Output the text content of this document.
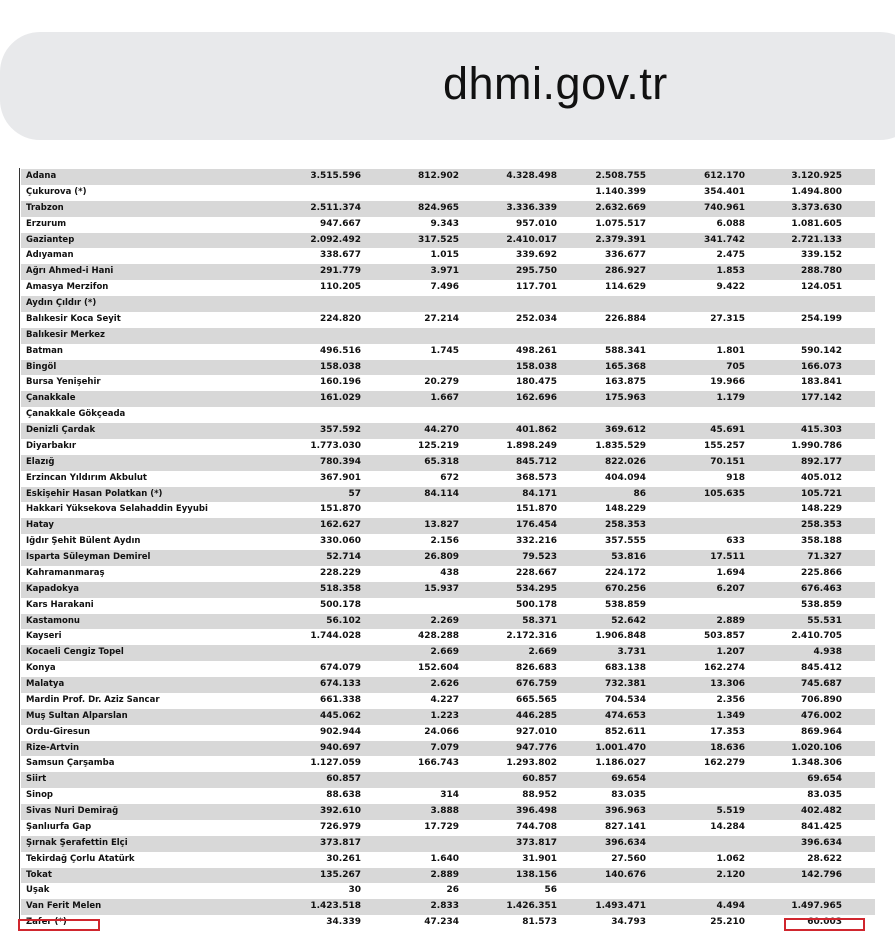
dhmi.gov.tr
Adana	3.515.596	812.902	4.328.498	2.508.755	612.170	3.120.925	
Çukurova (*)				1.140.399	354.401	1.494.800	
Trabzon	2.511.374	824.965	3.336.339	2.632.669	740.961	3.373.630	
Erzurum	947.667	9.343	957.010	1.075.517	6.088	1.081.605	
Gaziantep	2.092.492	317.525	2.410.017	2.379.391	341.742	2.721.133	
Adıyaman	338.677	1.015	339.692	336.677	2.475	339.152	
Ağrı Ahmed-i Hani	291.779	3.971	295.750	286.927	1.853	288.780	
Amasya Merzifon	110.205	7.496	117.701	114.629	9.422	124.051	
Aydın Çıldır (*)							
Balıkesir Koca Seyit	224.820	27.214	252.034	226.884	27.315	254.199	
Balıkesir Merkez							
Batman	496.516	1.745	498.261	588.341	1.801	590.142	
Bingöl	158.038		158.038	165.368	705	166.073	
Bursa Yenişehir	160.196	20.279	180.475	163.875	19.966	183.841	
Çanakkale	161.029	1.667	162.696	175.963	1.179	177.142	
Çanakkale Gökçeada							
Denizli Çardak	357.592	44.270	401.862	369.612	45.691	415.303	
Diyarbakır	1.773.030	125.219	1.898.249	1.835.529	155.257	1.990.786	
Elazığ	780.394	65.318	845.712	822.026	70.151	892.177	
Erzincan Yıldırım Akbulut	367.901	672	368.573	404.094	918	405.012	
Eskişehir Hasan Polatkan (*)	57	84.114	84.171	86	105.635	105.721	
Hakkari Yüksekova Selahaddin Eyyubi	151.870		151.870	148.229		148.229	
Hatay	162.627	13.827	176.454	258.353		258.353	
Iğdır Şehit Bülent Aydın	330.060	2.156	332.216	357.555	633	358.188	
Isparta Süleyman Demirel	52.714	26.809	79.523	53.816	17.511	71.327	
Kahramanmaraş	228.229	438	228.667	224.172	1.694	225.866	
Kapadokya	518.358	15.937	534.295	670.256	6.207	676.463	
Kars Harakani	500.178		500.178	538.859		538.859	
Kastamonu	56.102	2.269	58.371	52.642	2.889	55.531	
Kayseri	1.744.028	428.288	2.172.316	1.906.848	503.857	2.410.705	
Kocaeli Cengiz Topel		2.669	2.669	3.731	1.207	4.938	
Konya	674.079	152.604	826.683	683.138	162.274	845.412	
Malatya	674.133	2.626	676.759	732.381	13.306	745.687	
Mardin Prof. Dr. Aziz Sancar	661.338	4.227	665.565	704.534	2.356	706.890	
Muş Sultan Alparslan	445.062	1.223	446.285	474.653	1.349	476.002	
Ordu-Giresun	902.944	24.066	927.010	852.611	17.353	869.964	
Rize-Artvin	940.697	7.079	947.776	1.001.470	18.636	1.020.106	
Samsun Çarşamba	1.127.059	166.743	1.293.802	1.186.027	162.279	1.348.306	
Siirt	60.857		60.857	69.654		69.654	
Sinop	88.638	314	88.952	83.035		83.035	
Sivas Nuri Demirağ	392.610	3.888	396.498	396.963	5.519	402.482	
Şanlıurfa Gap	726.979	17.729	744.708	827.141	14.284	841.425	
Şırnak Şerafettin Elçi	373.817		373.817	396.634		396.634	
Tekirdağ Çorlu Atatürk	30.261	1.640	31.901	27.560	1.062	28.622	
Tokat	135.267	2.889	138.156	140.676	2.120	142.796	
Uşak	30	26	56				
Van Ferit Melen	1.423.518	2.833	1.426.351	1.493.471	4.494	1.497.965	
Zafer (*)	34.339	47.234	81.573	34.793	25.210	60.003	
